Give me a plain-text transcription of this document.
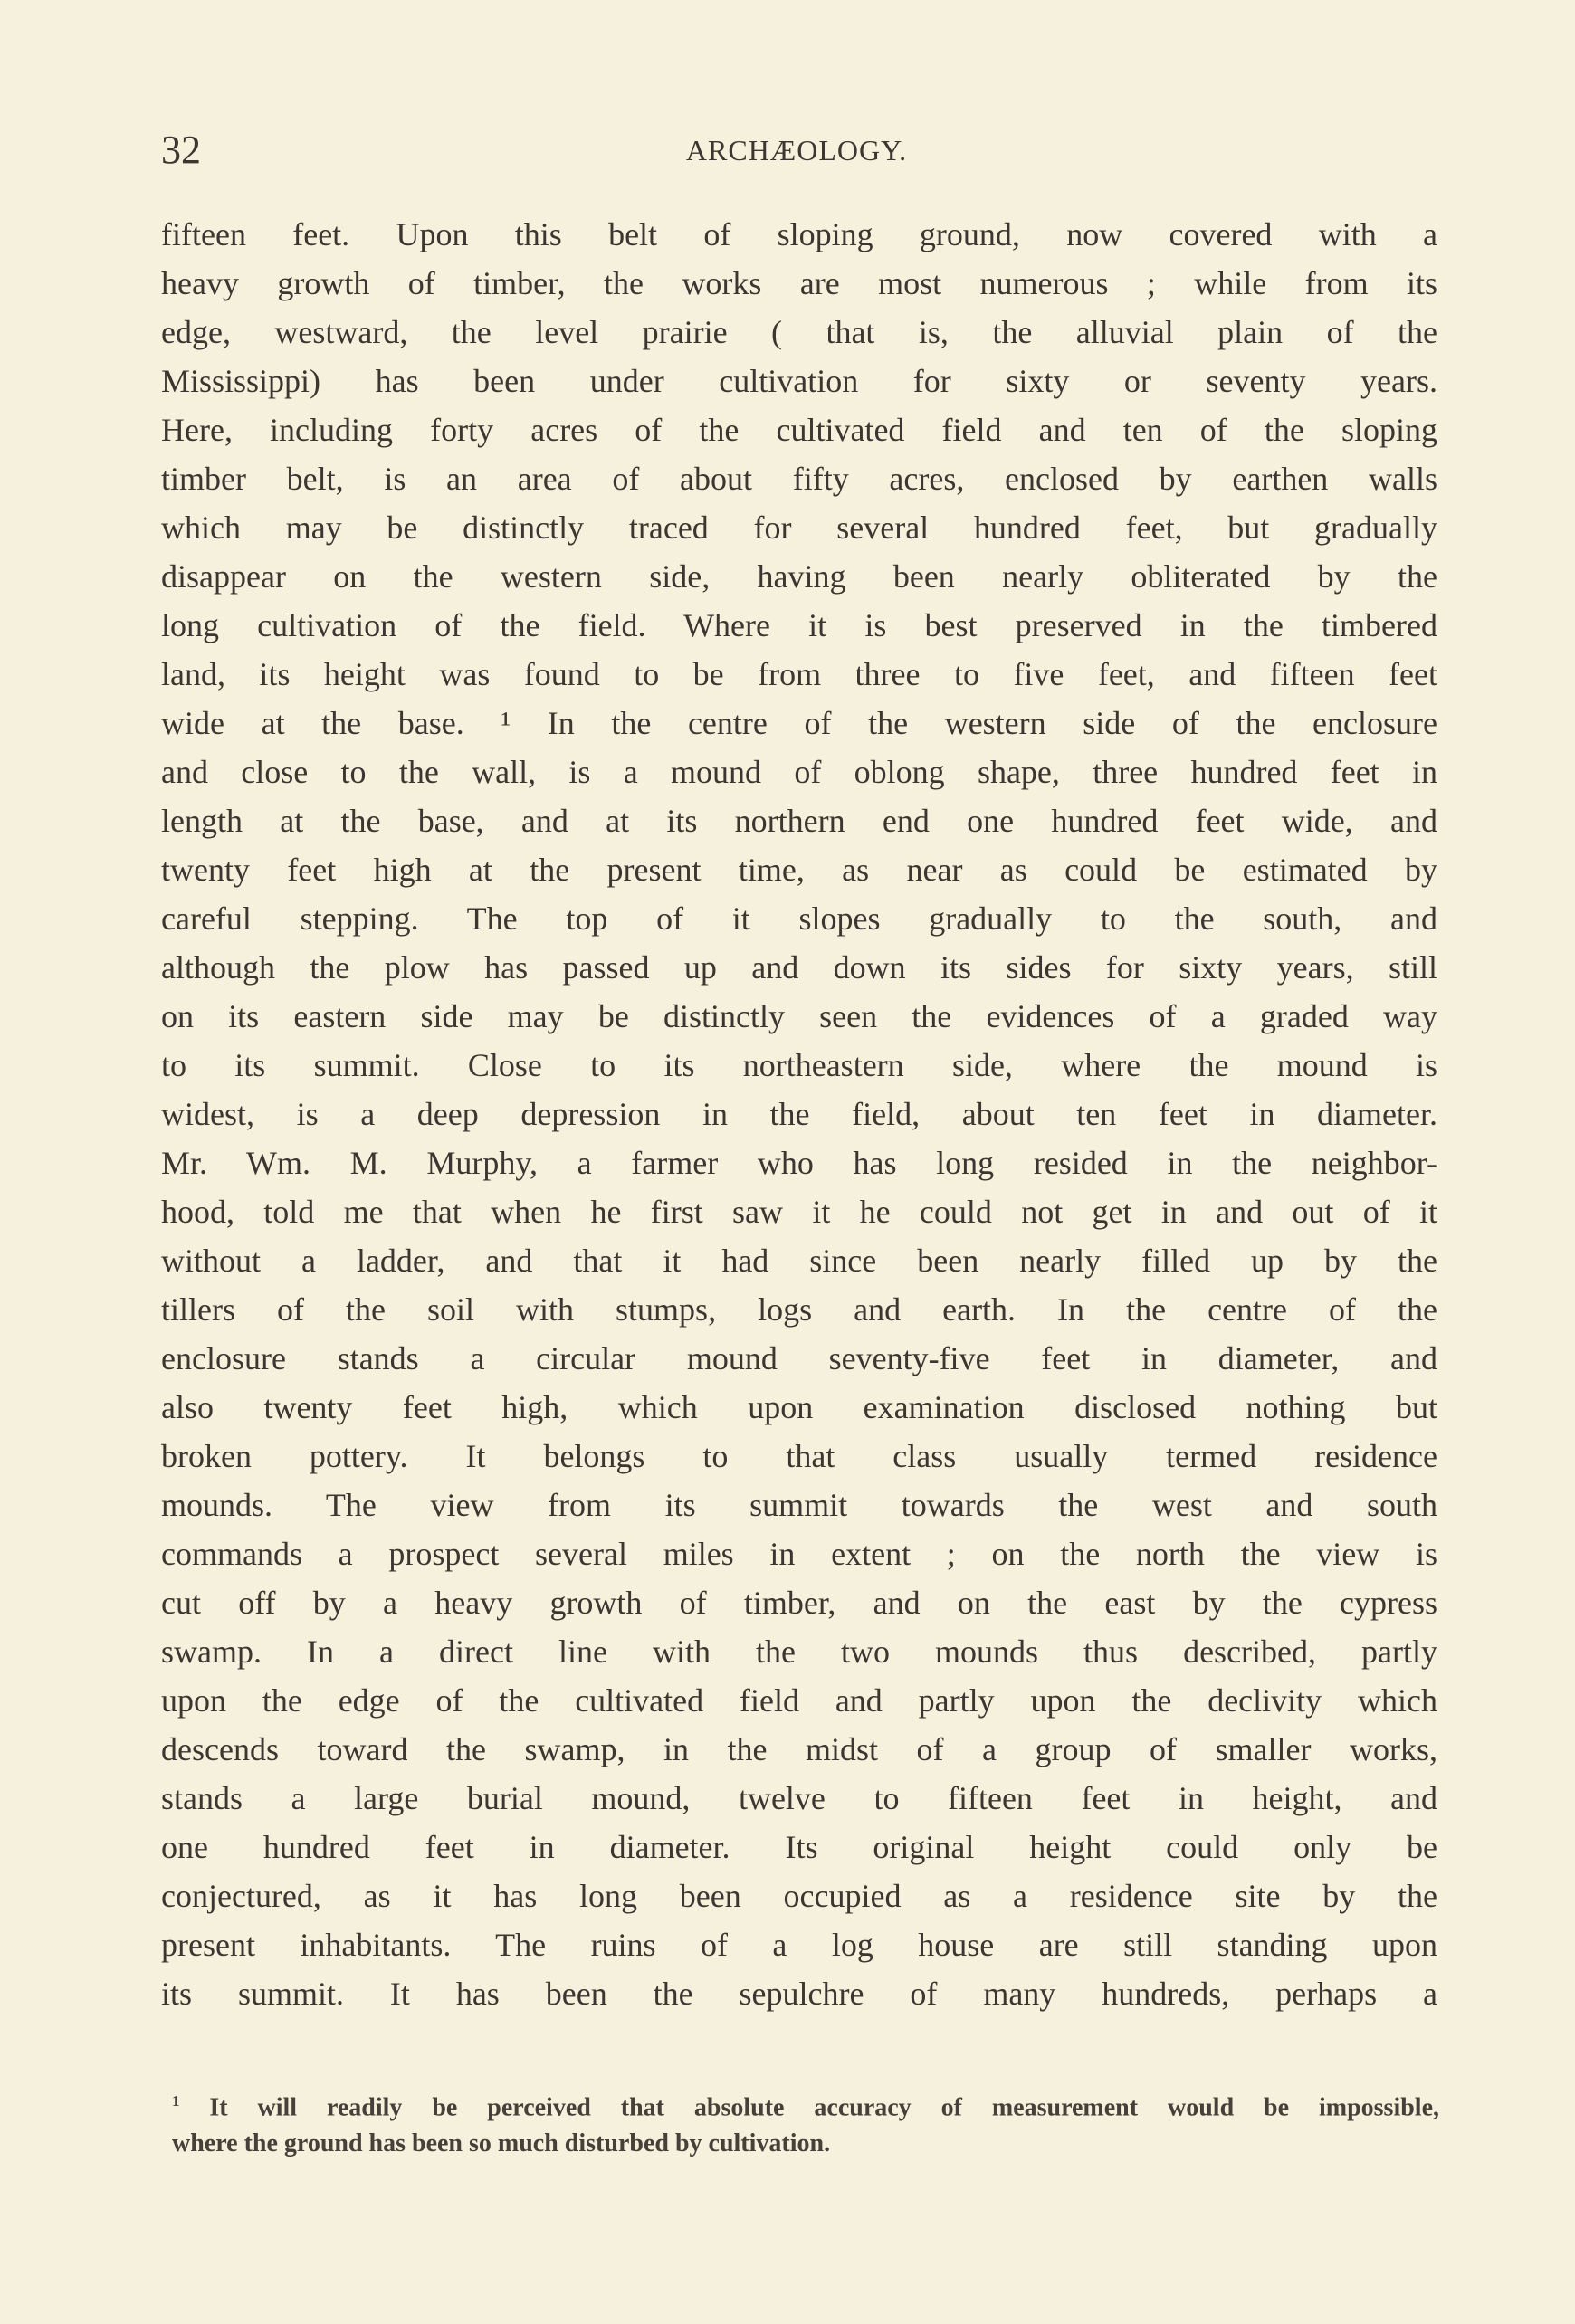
32	ARCHÆOLOGY.
fifteen feet. Upon this belt of sloping ground, now covered with a
heavy growth of timber, the works are most numerous ; while from its
edge, westward, the level prairie ( that is, the alluvial plain of the
Mississippi) has been under cultivation for sixty or seventy years.
Here, including forty acres of the cultivated field and ten of the sloping
timber belt, is an area of about fifty acres, enclosed by earthen walls
which may be distinctly traced for several hundred feet, but gradually
disappear on the western side, having been nearly obliterated by the
long cultivation of the field. Where it is best preserved in the timbered
land, its height was found to be from three to five feet, and fifteen feet
wide at the base. ¹ In the centre of the western side of the enclosure
and close to the wall, is a mound of oblong shape, three hundred feet in
length at the base, and at its northern end one hundred feet wide, and
twenty feet high at the present time, as near as could be estimated by
careful stepping. The top of it slopes gradually to the south, and
although the plow has passed up and down its sides for sixty years, still
on its eastern side may be distinctly seen the evidences of a graded way
to its summit. Close to its northeastern side, where the mound is
widest, is a deep depression in the field, about ten feet in diameter.
Mr. Wm. M. Murphy, a farmer who has long resided in the neighbor-
hood, told me that when he first saw it he could not get in and out of it
without a ladder, and that it had since been nearly filled up by the
tillers of the soil with stumps, logs and earth. In the centre of the
enclosure stands a circular mound seventy-five feet in diameter, and
also twenty feet high, which upon examination disclosed nothing but
broken pottery. It belongs to that class usually termed residence
mounds. The view from its summit towards the west and south
commands a prospect several miles in extent ; on the north the view is
cut off by a heavy growth of timber, and on the east by the cypress
swamp. In a direct line with the two mounds thus described, partly
upon the edge of the cultivated field and partly upon the declivity which
descends toward the swamp, in the midst of a group of smaller works,
stands a large burial mound, twelve to fifteen feet in height, and
one hundred feet in diameter. Its original height could only be
conjectured, as it has long been occupied as a residence site by the
present inhabitants. The ruins of a log house are still standing upon
its summit. It has been the sepulchre of many hundreds, perhaps a
$^1$ It will readily be perceived that absolute accuracy of measurement would be impossible,
where the ground has been so much disturbed by cultivation.
